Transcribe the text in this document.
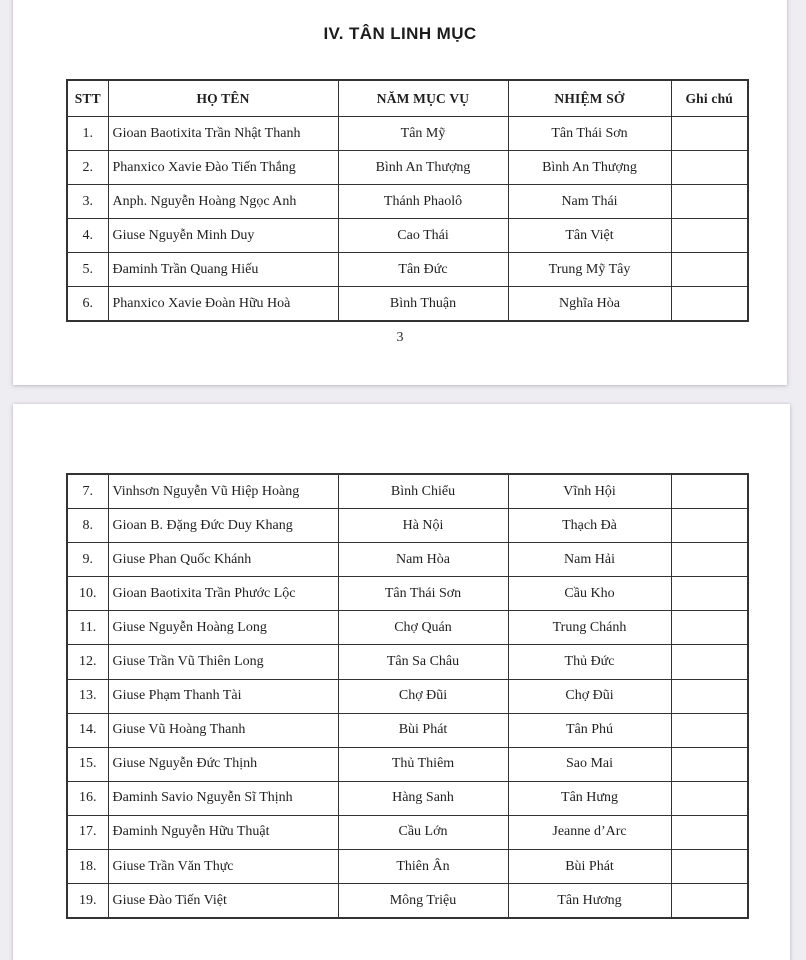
IV. TÂN LINH MỤC
STT	HỌ TÊN	NĂM MỤC VỤ	NHIỆM SỞ	Ghi chú
1.	Gioan Baotixita Trần Nhật Thanh	Tân Mỹ	Tân Thái Sơn	
2.	Phanxico Xavie Đào Tiến Thắng	Bình An Thượng	Bình An Thượng	
3.	Anph. Nguyễn Hoàng Ngọc Anh	Thánh Phaolô	Nam Thái	
4.	Giuse Nguyễn Minh Duy	Cao Thái	Tân Việt	
5.	Đaminh Trần Quang Hiếu	Tân Đức	Trung Mỹ Tây	
6.	Phanxico Xavie Đoàn Hữu Hoà	Bình Thuận	Nghĩa Hòa	
3
7.	Vinhsơn Nguyễn Vũ Hiệp Hoàng	Bình Chiểu	Vĩnh Hội	
8.	Gioan B. Đặng Đức Duy Khang	Hà Nội	Thạch Đà	
9.	Giuse Phan Quốc Khánh	Nam Hòa	Nam Hải	
10.	Gioan Baotixita Trần Phước Lộc	Tân Thái Sơn	Cầu Kho	
11.	Giuse Nguyễn Hoàng Long	Chợ Quán	Trung Chánh	
12.	Giuse Trần Vũ Thiên Long	Tân Sa Châu	Thủ Đức	
13.	Giuse Phạm Thanh Tài	Chợ Đũi	Chợ Đũi	
14.	Giuse Vũ Hoàng Thanh	Bùi Phát	Tân Phú	
15.	Giuse Nguyễn Đức Thịnh	Thủ Thiêm	Sao Mai	
16.	Đaminh Savio Nguyễn Sĩ Thịnh	Hàng Sanh	Tân Hưng	
17.	Đaminh Nguyễn Hữu Thuật	Cầu Lớn	Jeanne d’Arc	
18.	Giuse Trần Văn Thực	Thiên Ân	Bùi Phát	
19.	Giuse Đào Tiến Việt	Mông Triệu	Tân Hương	
